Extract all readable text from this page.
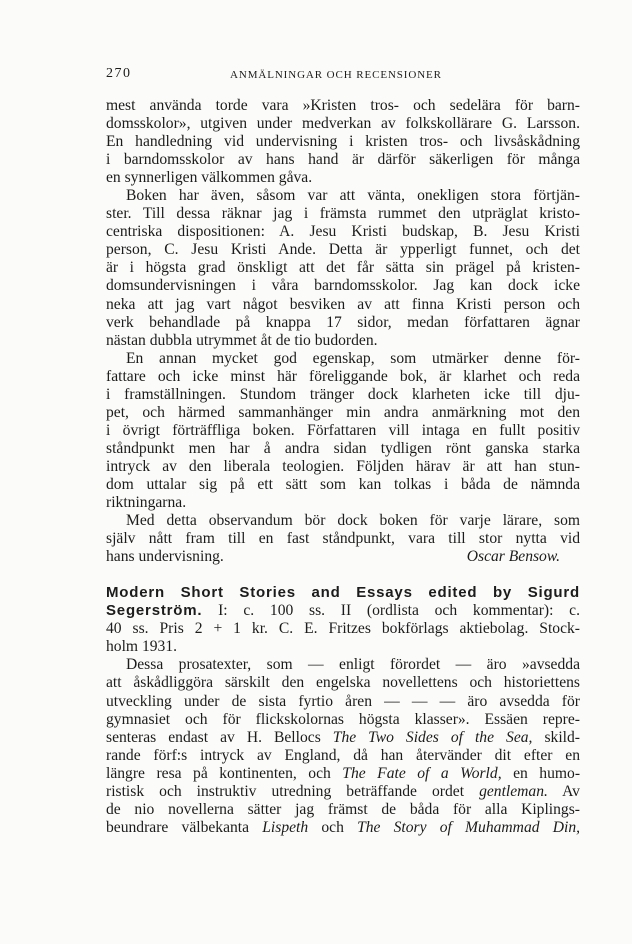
270	ANMÄLNINGAR OCH RECENSIONER
mest använda torde vara »Kristen tros- och sedelära för barn-
domsskolor», utgiven under medverkan av folkskollärare G. Larsson.
En handledning vid undervisning i kristen tros- och livsåskådning
i barndomsskolor av hans hand är därför säkerligen för många
en synnerligen välkommen gåva.
Boken har även, såsom var att vänta, onekligen stora förtjän-
ster. Till dessa räknar jag i främsta rummet den utpräglat kristo-
centriska dispositionen: A. Jesu Kristi budskap, B. Jesu Kristi
person, C. Jesu Kristi Ande. Detta är ypperligt funnet, och det
är i högsta grad önskligt att det får sätta sin prägel på kristen-
domsundervisningen i våra barndomsskolor. Jag kan dock icke
neka att jag vart något besviken av att finna Kristi person och
verk behandlade på knappa 17 sidor, medan författaren ägnar
nästan dubbla utrymmet åt de tio budorden.
En annan mycket god egenskap, som utmärker denne för-
fattare och icke minst här föreliggande bok, är klarhet och reda
i framställningen. Stundom tränger dock klarheten icke till dju-
pet, och härmed sammanhänger min andra anmärkning mot den
i övrigt förträffliga boken. Författaren vill intaga en fullt positiv
ståndpunkt men har å andra sidan tydligen rönt ganska starka
intryck av den liberala teologien. Följden härav är att han stun-
dom uttalar sig på ett sätt som kan tolkas i båda de nämnda
riktningarna.
Med detta observandum bör dock boken för varje lärare, som
själv nått fram till en fast ståndpunkt, vara till stor nytta vid
hans undervisning.	Oscar Bensow.
Modern Short Stories and Essays edited by Sigurd
Segerström. I: c. 100 ss. II (ordlista och kommentar): c.
40 ss. Pris 2 + 1 kr. C. E. Fritzes bokförlags aktiebolag. Stock-
holm 1931.
Dessa prosatexter, som — enligt förordet — äro »avsedda
att åskådliggöra särskilt den engelska novellettens och historiettens
utveckling under de sista fyrtio åren — — — äro avsedda för
gymnasiet och för flickskolornas högsta klasser». Essäen repre-
senteras endast av H. Bellocs The Two Sides of the Sea, skild-
rande förf:s intryck av England, då han återvänder dit efter en
längre resa på kontinenten, och The Fate of a World, en humo-
ristisk och instruktiv utredning beträffande ordet gentleman. Av
de nio novellerna sätter jag främst de båda för alla Kiplings-
beundrare välbekanta Lispeth och The Story of Muhammad Din,
